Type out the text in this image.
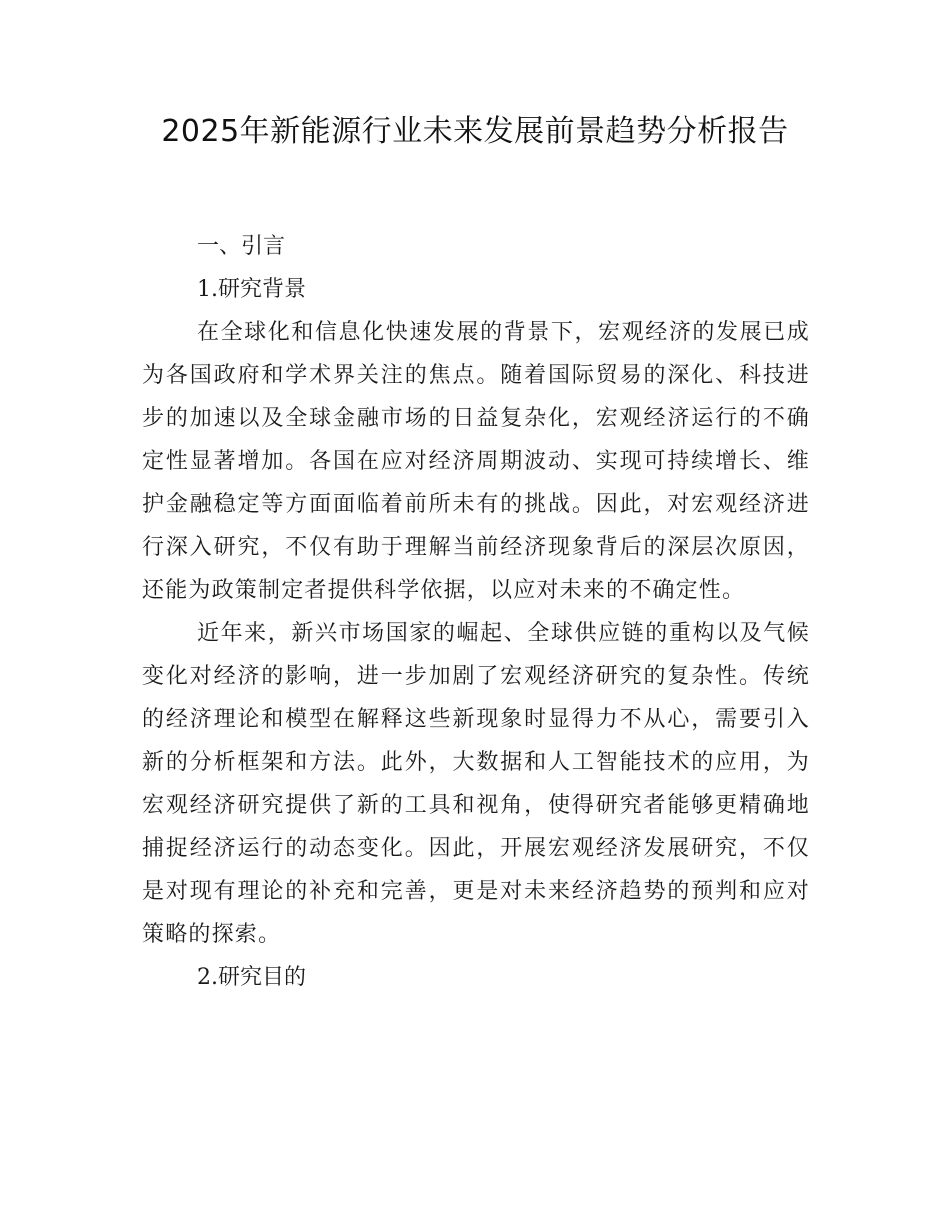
2025年新能源行业未来发展前景趋势分析报告
一、引言
1.研究背景

在全球化和信息化快速发展的背景下，宏观经济的发展已成为各国政府和学术界关注的焦点。随着国际贸易的深化、科技进步的加速以及全球金融市场的日益复杂化，宏观经济运行的不确定性显著增加。各国在应对经济周期波动、实现可持续增长、维护金融稳定等方面面临着前所未有的挑战。因此，对宏观经济进行深入研究，不仅有助于理解当前经济现象背后的深层次原因，还能为政策制定者提供科学依据，以应对未来的不确定性。

近年来，新兴市场国家的崛起、全球供应链的重构以及气候变化对经济的影响，进一步加剧了宏观经济研究的复杂性。传统的经济理论和模型在解释这些新现象时显得力不从心，需要引入新的分析框架和方法。此外，大数据和人工智能技术的应用，为宏观经济研究提供了新的工具和视角，使得研究者能够更精确地捕捉经济运行的动态变化。因此，开展宏观经济发展研究，不仅是对现有理论的补充和完善，更是对未来经济趋势的预判和应对策略的探索。

2.研究目的
